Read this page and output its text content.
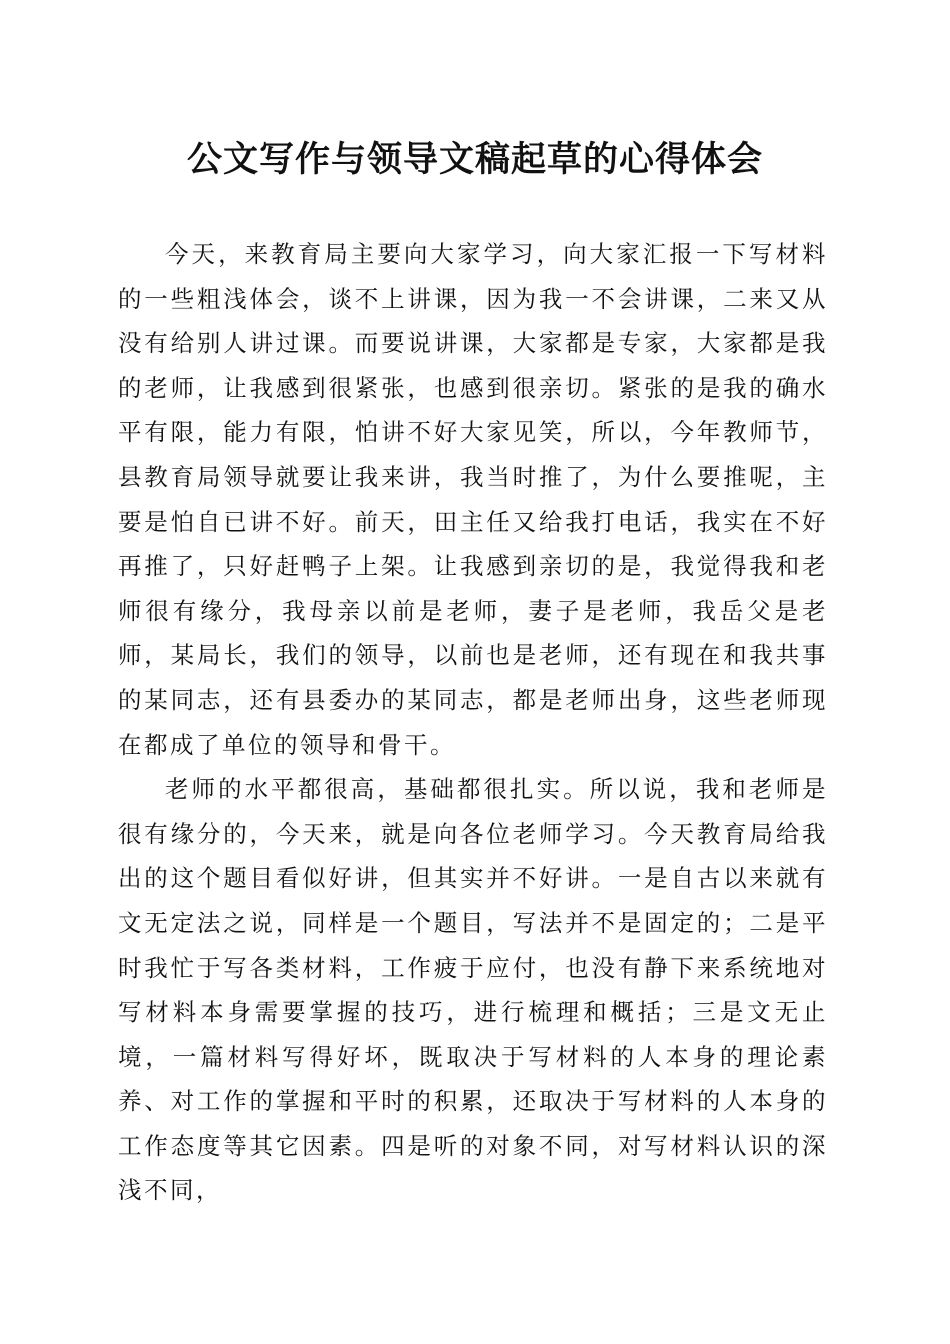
公文写作与领导文稿起草的心得体会

今天，来教育局主要向大家学习，向大家汇报一下写材料的一些粗浅体会，谈不上讲课，因为我一不会讲课，二来又从没有给别人讲过课。而要说讲课，大家都是专家，大家都是我的老师，让我感到很紧张，也感到很亲切。紧张的是我的确水平有限，能力有限，怕讲不好大家见笑，所以，今年教师节，县教育局领导就要让我来讲，我当时推了，为什么要推呢，主要是怕自已讲不好。前天，田主任又给我打电话，我实在不好再推了，只好赶鸭子上架。让我感到亲切的是，我觉得我和老师很有缘分，我母亲以前是老师，妻子是老师，我岳父是老师，某局长，我们的领导，以前也是老师，还有现在和我共事的某同志，还有县委办的某同志，都是老师出身，这些老师现在都成了单位的领导和骨干。

老师的水平都很高，基础都很扎实。所以说，我和老师是很有缘分的，今天来，就是向各位老师学习。今天教育局给我出的这个题目看似好讲，但其实并不好讲。一是自古以来就有文无定法之说，同样是一个题目，写法并不是固定的；二是平时我忙于写各类材料，工作疲于应付，也没有静下来系统地对写材料本身需要掌握的技巧，进行梳理和概括；三是文无止境，一篇材料写得好坏，既取决于写材料的人本身的理论素养、对工作的掌握和平时的积累，还取决于写材料的人本身的工作态度等其它因素。四是听的对象不同，对写材料认识的深浅不同，
